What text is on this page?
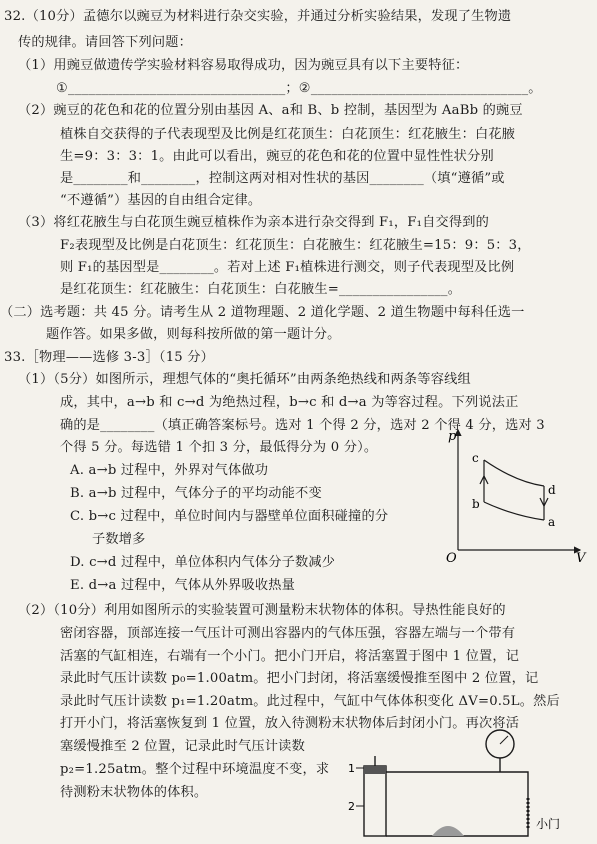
32.（10分）孟德尔以豌豆为材料进行杂交实验，并通过分析实验结果，发现了生物遗
传的规律。请回答下列问题：
（1）用豌豆做遗传学实验材料容易取得成功，因为豌豆具有以下主要特征：
①________________________________；②________________________________。
（2）豌豆的花色和花的位置分别由基因 A、a和 B、b 控制，基因型为 AaBb 的豌豆
植株自交获得的子代表现型及比例是红花顶生：白花顶生：红花腋生：白花腋
生=9：3：3：1。由此可以看出，豌豆的花色和花的位置中显性性状分别
是________和________，控制这两对相对性状的基因________（填“遵循”或
“不遵循”）基因的自由组合定律。
（3）将红花腋生与白花顶生豌豆植株作为亲本进行杂交得到 F₁，F₁自交得到的
F₂表现型及比例是白花顶生：红花顶生：白花腋生：红花腋生=15：9：5：3，
则 F₁的基因型是________。若对上述 F₁植株进行测交，则子代表现型及比例
是红花顶生：红花腋生：白花顶生：白花腋生=________________。
（二）选考题：共 45 分。请考生从 2 道物理题、2 道化学题、2 道生物题中每科任选一
题作答。如果多做，则每科按所做的第一题计分。
33.［物理——选修 3-3］（15 分）
（1）（5分）如图所示，理想气体的“奥托循环”由两条绝热线和两条等容线组
成，其中，a→b 和 c→d 为绝热过程，b→c 和 d→a 为等容过程。下列说法正
确的是________（填正确答案标号。选对 1 个得 2 分，选对 2 个得 4 分，选对 3
个得 5 分。每选错 1 个扣 3 分，最低得分为 0 分）。
A. a→b 过程中，外界对气体做功
B. a→b 过程中，气体分子的平均动能不变
C. b→c 过程中，单位时间内与器壁单位面积碰撞的分
子数增多
D. c→d 过程中，单位体积内气体分子数减少
E. d→a 过程中，气体从外界吸收热量
p
V
O
c
b
d
a
（2）（10分）利用如图所示的实验装置可测量粉末状物体的体积。导热性能良好的
密闭容器，顶部连接一气压计可测出容器内的气体压强，容器左端与一个带有
活塞的气缸相连，右端有一个小门。把小门开启，将活塞置于图中 1 位置，记
录此时气压计读数 p₀=1.00atm。把小门封闭，将活塞缓慢推至图中 2 位置，记
录此时气压计读数 p₁=1.20atm。此过程中，气缸中气体体积变化 ΔV=0.5L。然后
打开小门，将活塞恢复到 1 位置，放入待测粉末状物体后封闭小门。再次将活
塞缓慢推至 2 位置，记录此时气压计读数
p₂=1.25atm。整个过程中环境温度不变，求
待测粉末状物体的体积。
1
2
小门
